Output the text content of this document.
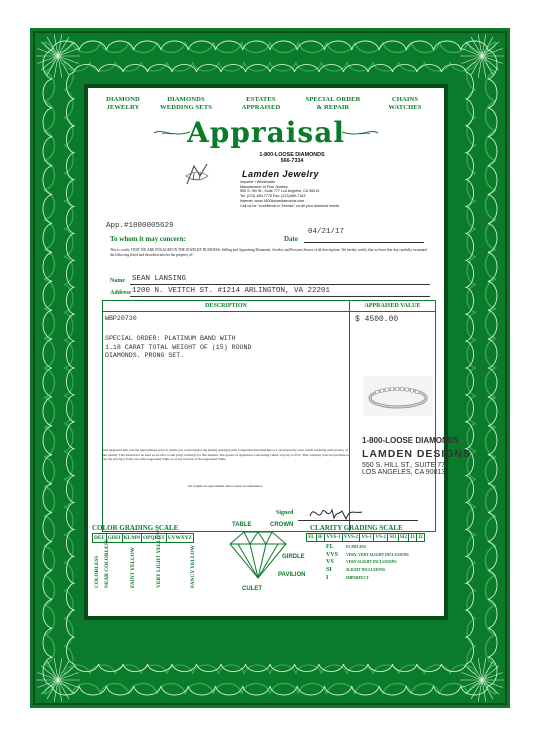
DIAMOND
JEWELRY
DIAMONDS
WEDDING SETS
ESTATES
APPRAISED
SPECIAL ORDER
& REPAIR
CHAINS
WATCHES
Appraisal
LJ
1-800-LOOSE DIAMONDS
566-7334
Lamden Jewelry
Importer / Wholesaler
Manufacturer of Fine Jewelry
550 S. Hill St., Suite 777 Los Angeles, CA 90013
Tel: (213) 489-7776 Fax: (213)489-7183
Internet: www.1800loosediamonds.com
Call us for "excellence in Service" on all your diamond needs
App.#1000005629
To whom it may concern:	Date
04/21/17
This is certify THAT WE ARE ENGAGED IN THE JEWELRY BUSINESS: Selling and Appraising Diamonds, Jewelry and Precious Stones of all descriptions. We hereby certify that we have this day carefully examined the following listed and described articles the property of:-
Name SEAN LANSING
Address 1200 N. VEITCH ST. #1214 ARLINGTON, VA 22201
DESCRIPTION	APPRAISED VALUE
WBP20730	$ 4500.00
SPECIAL ORDER: PLATINUM BAND WITH
1.18 CARAT TOTAL WEIGHT OF (15) ROUND
DIAMONDS. PRONG SET.
This Appraisal tells you the approximate price at which you could replace the (these) article(s) with comparable merchandise at a 'retail jewelry store which normally sells jewelry of like quality. This should not be used as an offer to sell (buy) article(s) for this amount. The quotes of Appraisers concerning values vary up to 25%. This company does not promise to buy the article(s) from you at the Appraised Value or at any fraction of the Appraised Value.
All weights are approximate unless stones are unmounted.
1-800-LOOSE DIAMONDS
LAMDEN DESIGNS
550 S. HILL ST., SUITE 777
LOS ANGELES, CA 90013
Signed
COLOR GRADING SCALE
DEF GHIJ KLMN OPQRST UVWXYZ
COLORLESS NEAR COLORLESS	FAINT YELLOW	VERY LIGHT YELLOW	FANCY YELLOW
TABLE	CROWN
GIRDLE
PAVILION
CULET
CLARITY GRADING SCALE
FL IF VVS-1 VVS-2 VS-1 VS-2 SI1 SI2 I1 I2
FL	FLAWLESS
VVS VERY, VERY SLIGHT INCLUSIONS
VS	VERY SLIGHT INCLUSIONS
SI	SLIGHT INCLUSIONS
I	IMPERFECT
